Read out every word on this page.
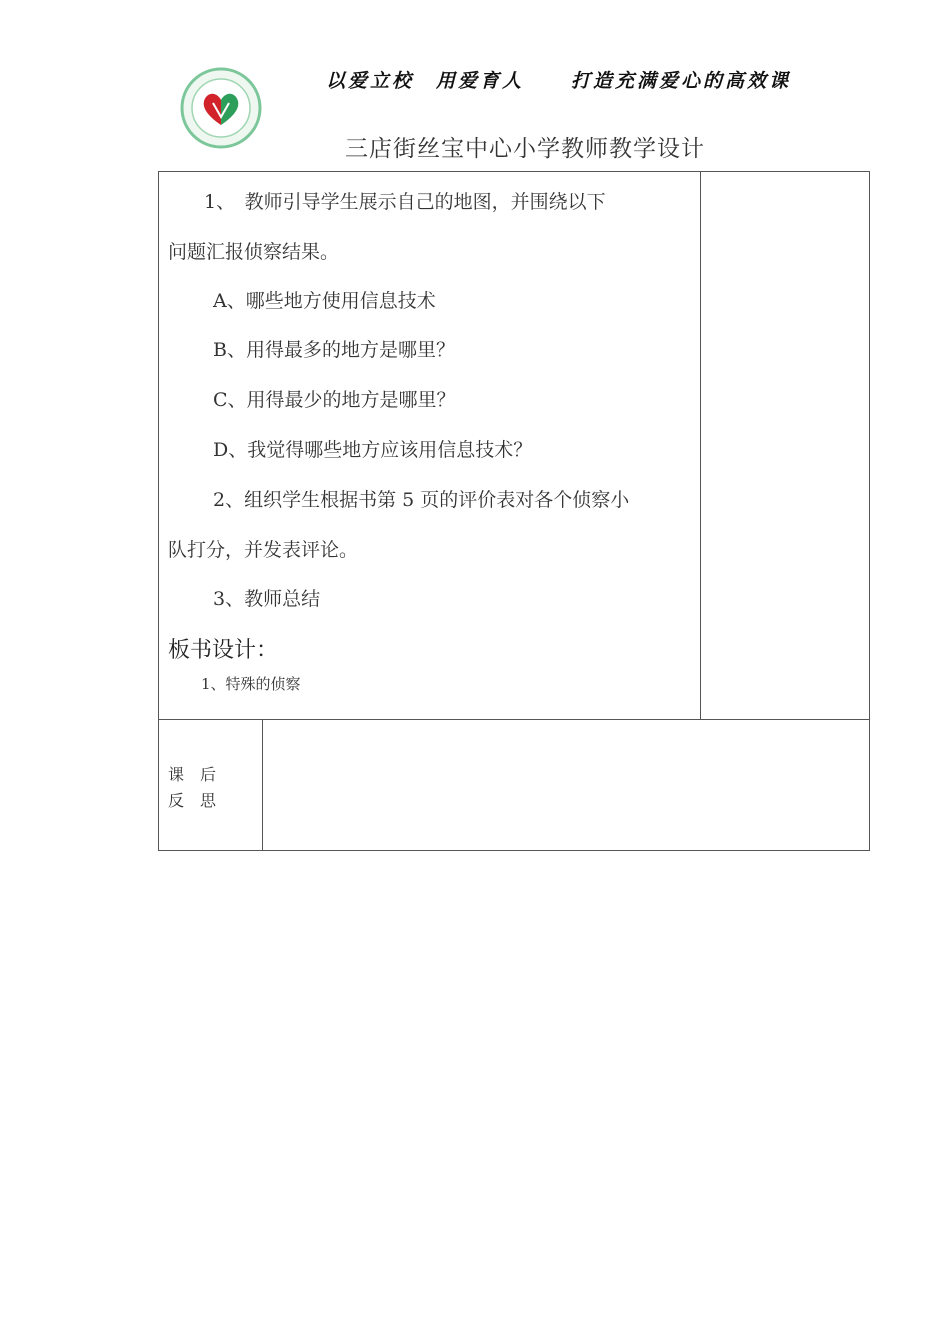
以爱立校　用爱育人 打造充满爱心的高效课
三店街丝宝中心小学教师教学设计
1、　教师引导学生展示自己的地图，并围绕以下
问题汇报侦察结果。
A、哪些地方使用信息技术
B、用得最多的地方是哪里？
C、用得最少的地方是哪里？
D、我觉得哪些地方应该用信息技术？
2、组织学生根据书第 5 页的评价表对各个侦察小
队打分，并发表评论。
3、教师总结
板书设计：
1、特殊的侦察
课　后
反　思
